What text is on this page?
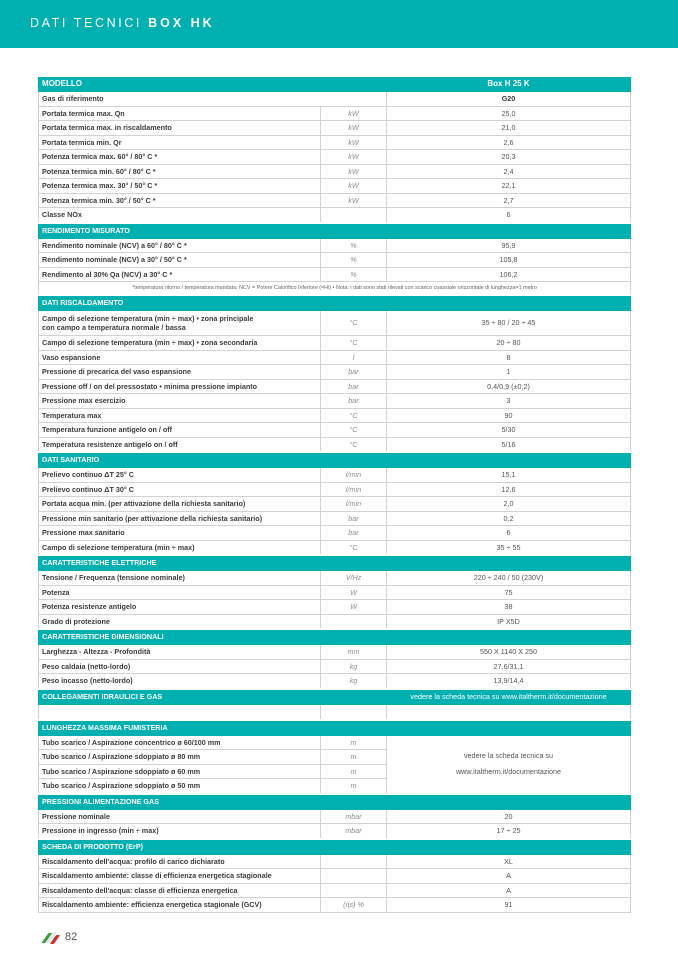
DATI TECNICI BOX HK
MODELLO		Box H 25 K
Gas di riferimento		G20
Portata termica max. Qn	kW	25,0
Portata termica max. in riscaldamento	kW	21,0
Portata termica min. Qr	kW	2,6
Potenza termica max. 60° / 80° C *	kW	20,3
Potenza termica min. 60° / 80° C *	kW	2,4
Potenza termica max. 30° / 50° C *	kW	22,1
Potenza termica min. 30° / 50° C *	kW	2,7
Classe NOx		6
RENDIMENTO MISURATO		
Rendimento nominale (NCV) a 60° / 80° C *	%	95,9
Rendimento nominale (NCV) a 30° / 50° C *	%	105,8
Rendimento al 30% Qa (NCV) a 30° C *	%	106,2
*temperatura ritorno / temperatura mandata; NCV = Potere Calorifico Inferiore (=Hi) • Nota: i dati sono stati rilevati con scarico coassiale orizzontale di lunghezza=1 metro		
DATI RISCALDAMENTO		
Campo di selezione temperatura (min ÷ max) • zona principale
con campo a temperatura normale / bassa	°C	35 ÷ 80 / 20 ÷ 45
Campo di selezione temperatura (min ÷ max) • zona secondaria	°C	20 ÷ 80
Vaso espansione	l	8
Pressione di precarica del vaso espansione	bar	1
Pressione off / on del pressostato • minima pressione impianto	bar	0,4/0,9 (±0,2)
Pressione max esercizio	bar	3
Temperatura max	°C	90
Temperatura funzione antigelo on / off	°C	5/30
Temperatura resistenze antigelo on / off	°C	5/16
DATI SANITARIO		
Prelievo continuo ΔT 25° C	l/min	15,1
Prelievo continuo ΔT 30° C	l/min	12,6
Portata acqua min. (per attivazione della richiesta sanitario)	l/min	2,0
Pressione min sanitario (per attivazione della richiesta sanitario)	bar	0,2
Pressione max sanitario	bar	6
Campo di selezione temperatura (min ÷ max)	°C	35 ÷ 55
CARATTERISTICHE ELETTRICHE		
Tensione / Frequenza (tensione nominale)	V/Hz	220 ÷ 240 / 50 (230V)
Potenza	W	75
Potenza resistenze antigelo	W	38
Grado di protezione		IP X5D
CARATTERISTICHE DIMENSIONALI		
Larghezza - Altezza - Profondità	mm	550 X 1140 X 250
Peso caldaia (netto-lordo)	kg	27,6/31,1
Peso incasso (netto-lordo)	kg	13,9/14,4
COLLEGAMENTI IDRAULICI E GAS		vedere la scheda tecnica su www.italtherm.it/documentazione

LUNGHEZZA MASSIMA FUMISTERIA		
Tubo scarico / Aspirazione concentrico ø 60/100 mm	m	vedere la scheda tecnica su
www.italtherm.it/documentazione

Tubo scarico / Aspirazione sdoppiato ø 80 mm	m	
Tubo scarico / Aspirazione sdoppiato ø 60 mm	m	
Tubo scarico / Aspirazione sdoppiato ø 50 mm	m	
PRESSIONI ALIMENTAZIONE GAS		
Pressione nominale	mbar	20
Pressione in ingresso (min ÷ max)	mbar	17 ÷ 25
SCHEDA DI PRODOTTO (ErP)		
Riscaldamento dell'acqua: profilo di carico dichiarato		XL
Riscaldamento ambiente: classe di efficienza energetica stagionale		A
Riscaldamento dell'acqua: classe di efficienza energetica		A
Riscaldamento ambiente: efficienza energetica stagionale (GCV)	(ηs) %	91
82
